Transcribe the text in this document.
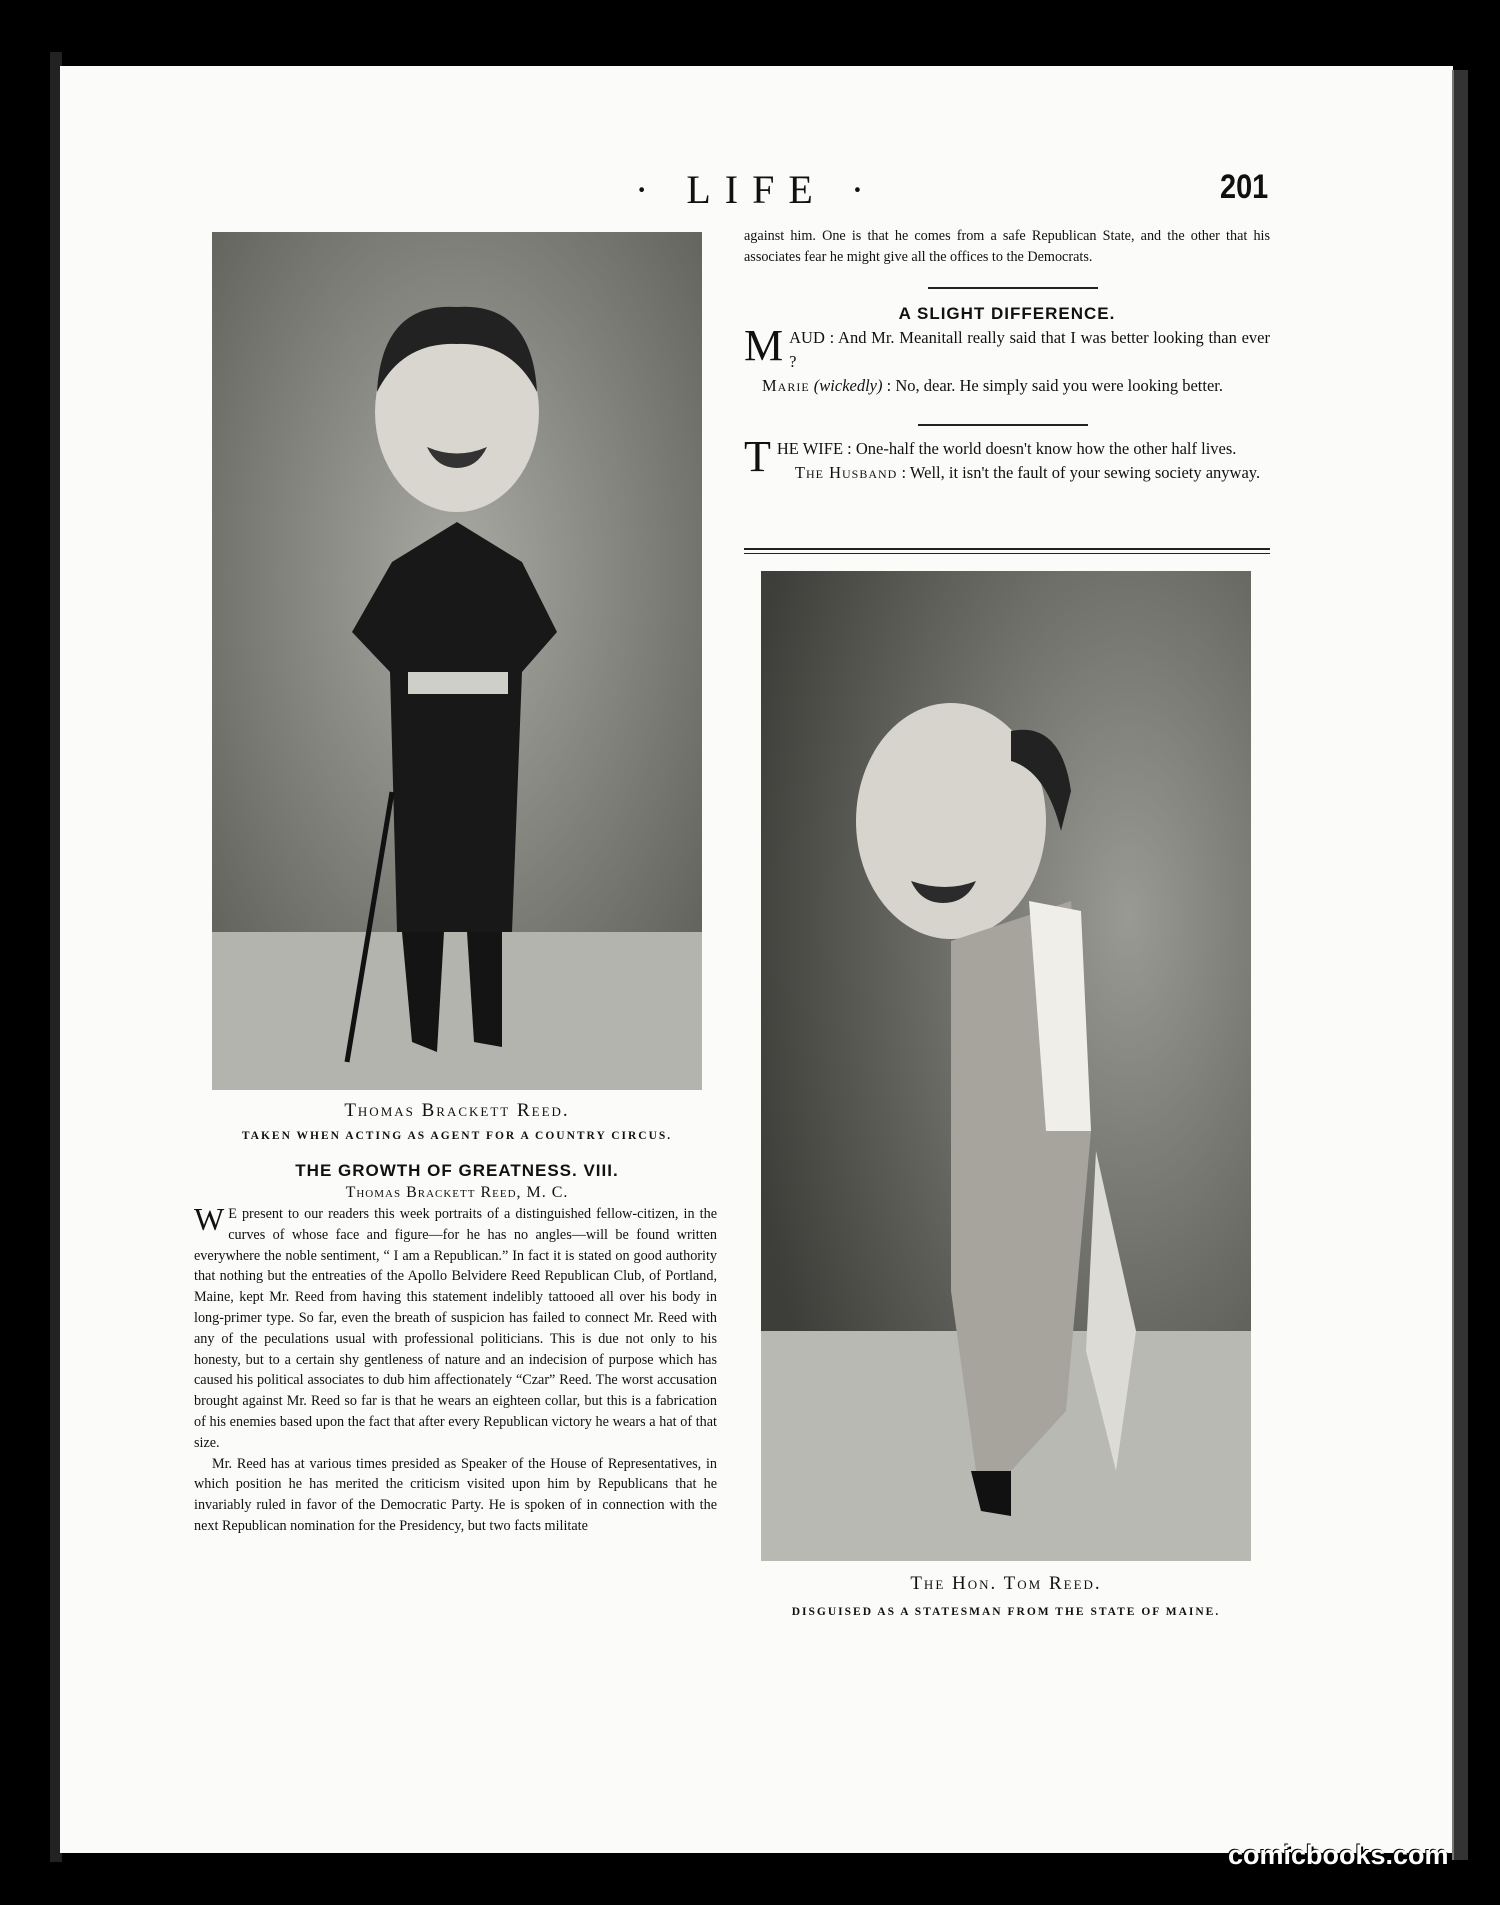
· LIFE ·	201
Thomas Brackett Reed.
TAKEN WHEN ACTING AS AGENT FOR A COUNTRY CIRCUS.
THE GROWTH OF GREATNESS. VIII.
Thomas Brackett Reed, M. C.

W E present to our readers this week portraits of a distinguished fellow-citizen, in the curves of whose face and figure—for he has no angles—will be found written everywhere the noble sentiment, “ I am a Republican.” In fact it is stated on good authority that nothing but the entreaties of the Apollo Belvidere Reed Republican Club, of Portland, Maine, kept Mr. Reed from having this statement indelibly tattooed all over his body in long-primer type. So far, even the breath of suspicion has failed to connect Mr. Reed with any of the peculations usual with professional politicians. This is due not only to his honesty, but to a certain shy gentleness of nature and an indecision of purpose which has caused his political associates to dub him affectionately “Czar” Reed. The worst accusation brought against Mr. Reed so far is that he wears an eighteen collar, but this is a fabrication of his enemies based upon the fact that after every Republican victory he wears a hat of that size.

Mr. Reed has at various times presided as Speaker of the House of Representatives, in which position he has merited the criticism visited upon him by Republicans that he invariably ruled in favor of the Democratic Party. He is spoken of in connection with the next Republican nomination for the Presidency, but two facts militate

against him. One is that he comes from a safe Republican State, and the other that his associates fear he might give all the offices to the Democrats.
A SLIGHT DIFFERENCE.

MAUD : And Mr. Meanitall really said that I was better looking than ever ?

Marie (wickedly) : No, dear. He simply said you were looking better.

THE WIFE : One-half the world doesn't know how the other half lives.

The Husband : Well, it isn't the fault of your sewing society anyway.

The Hon. Tom Reed.
DISGUISED AS A STATESMAN FROM THE STATE OF MAINE.
comicbooks.com
